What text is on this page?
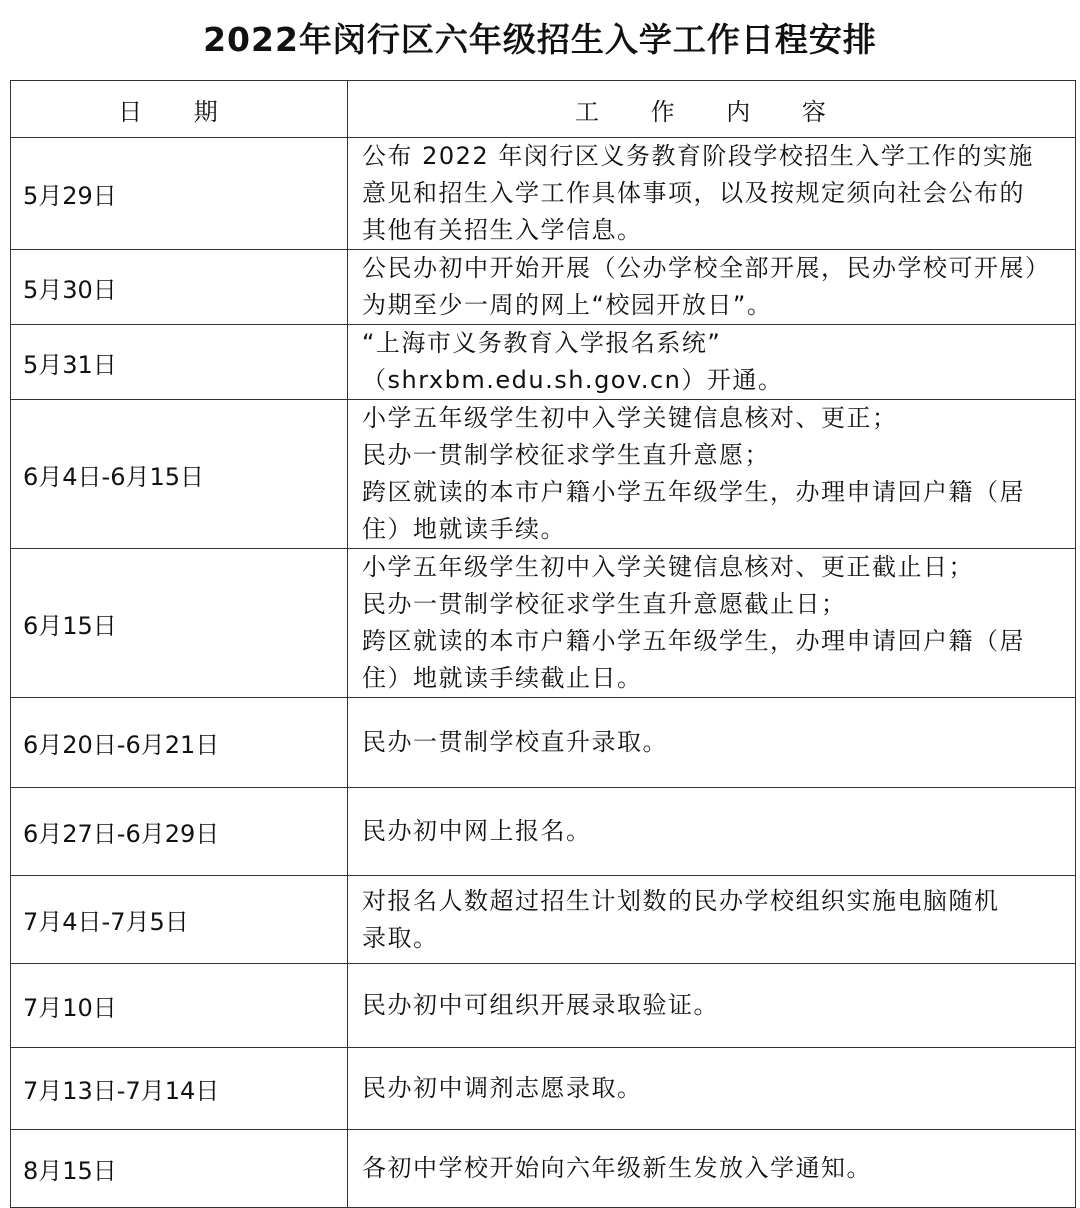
2022年闵行区六年级招生入学工作日程安排
日 期	工 作 内 容
5月29日	公布 2022 年闵行区义务教育阶段学校招生入学工作的实施
意见和招生入学工作具体事项，以及按规定须向社会公布的
其他有关招生入学信息。

5月30日	公民办初中开始开展（公办学校全部开展，民办学校可开展）
为期至少一周的网上“校园开放日”。

5月31日	“上海市义务教育入学报名系统”
（shrxbm.edu.sh.gov.cn）开通。

6月4日-6月15日	小学五年级学生初中入学关键信息核对、更正；
民办一贯制学校征求学生直升意愿；
跨区就读的本市户籍小学五年级学生，办理申请回户籍（居
住）地就读手续。

6月15日	小学五年级学生初中入学关键信息核对、更正截止日；
民办一贯制学校征求学生直升意愿截止日；
跨区就读的本市户籍小学五年级学生，办理申请回户籍（居
住）地就读手续截止日。

6月20日-6月21日	民办一贯制学校直升录取。

6月27日-6月29日	民办初中网上报名。

7月4日-7月5日	对报名人数超过招生计划数的民办学校组织实施电脑随机
录取。

7月10日	民办初中可组织开展录取验证。

7月13日-7月14日	民办初中调剂志愿录取。

8月15日	各初中学校开始向六年级新生发放入学通知。
